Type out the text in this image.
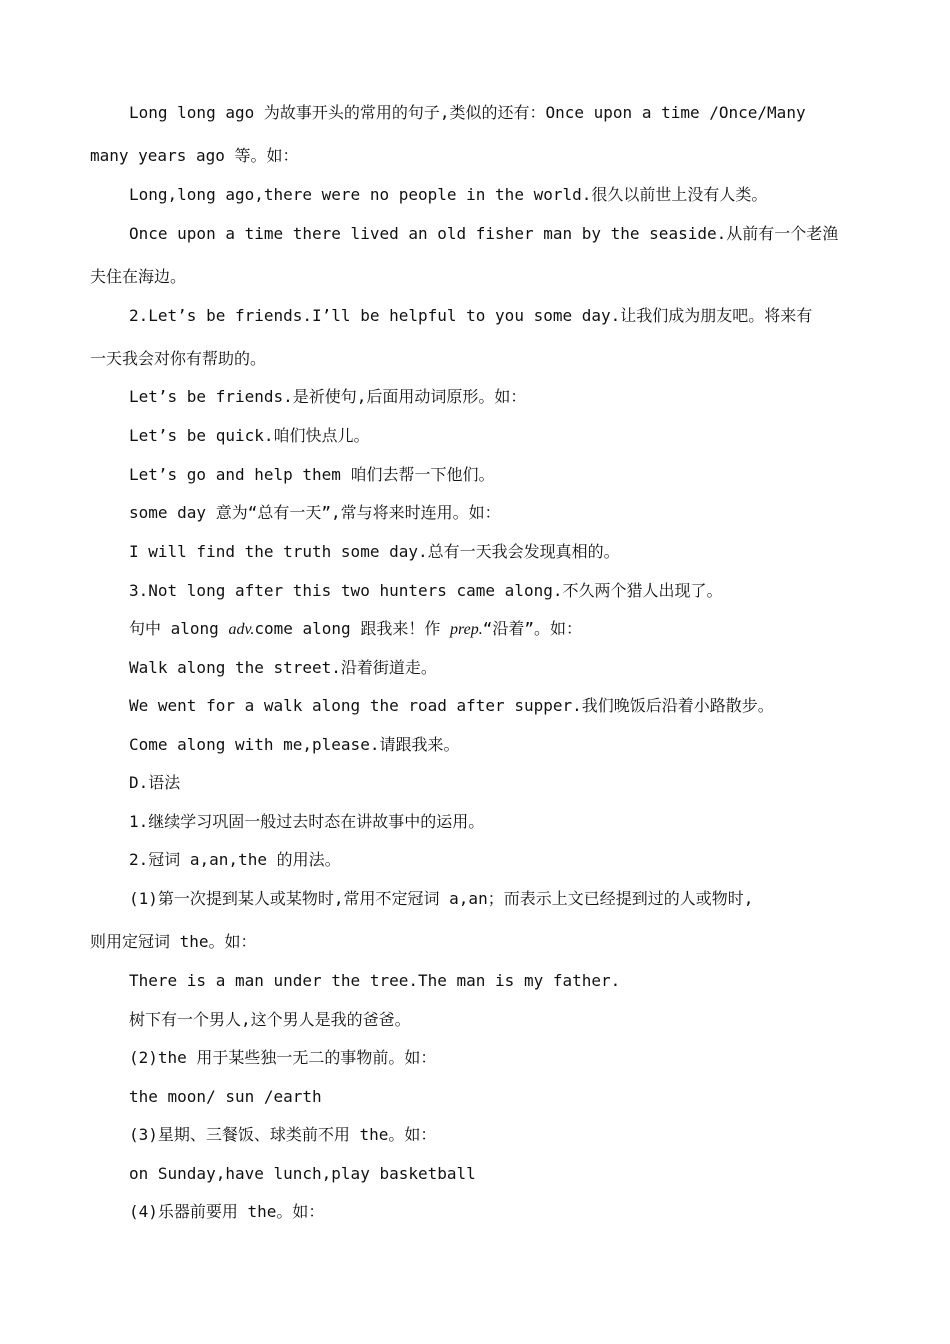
Long long ago 为故事开头的常用的句子,类似的还有：Once upon a time /Once/Many
many years ago 等。如：
Long,long ago,there were no people in the world.很久以前世上没有人类。
Once upon a time there lived an old fisher man by the seaside.从前有一个老渔
夫住在海边。
2.Let’s be friends.I’ll be helpful to you some day.让我们成为朋友吧。将来有
一天我会对你有帮助的。
Let’s be friends.是祈使句,后面用动词原形。如：
Let’s be quick.咱们快点儿。
Let’s go and help them 咱们去帮一下他们。
some day 意为“总有一天”,常与将来时连用。如：
I will find the truth some day.总有一天我会发现真相的。
3.Not long after this two hunters came along.不久两个猎人出现了。
句中 along adv.come along 跟我来！作 prep.“沿着”。如：
Walk along the street.沿着街道走。
We went for a walk along the road after supper.我们晚饭后沿着小路散步。
Come along with me,please.请跟我来。
D.语法
1.继续学习巩固一般过去时态在讲故事中的运用。
2.冠词 a,an,the 的用法。
(1)第一次提到某人或某物时,常用不定冠词 a,an；而表示上文已经提到过的人或物时,
则用定冠词 the。如：
There is a man under the tree.The man is my father.
树下有一个男人,这个男人是我的爸爸。
(2)the 用于某些独一无二的事物前。如：
the moon/ sun /earth
(3)星期、三餐饭、球类前不用 the。如：
on Sunday,have lunch,play basketball
(4)乐器前要用 the。如：
